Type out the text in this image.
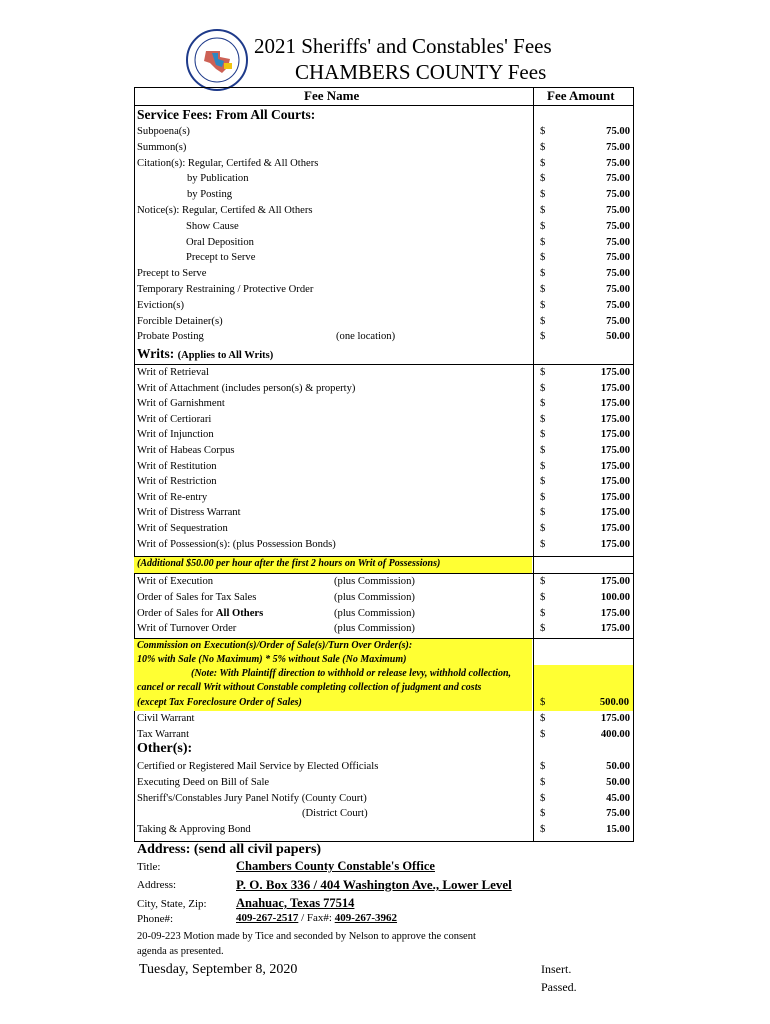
2021 Sheriffs' and Constables' Fees
CHAMBERS COUNTY Fees
Fee Name	Fee Amount
Service Fees: From All Courts:
Subpoena(s)	$	75.00
Summon(s)	$	75.00
Citation(s): Regular, Certifed & All Others	$	75.00
by Publication	$	75.00
by Posting	$	75.00
Notice(s): Regular, Certifed & All Others	$	75.00
Show Cause	$	75.00
Oral Deposition	$	75.00
Precept to Serve	$	75.00
Precept to Serve	$	75.00
Temporary Restraining / Protective Order	$	75.00
Eviction(s)	$	75.00
Forcible Detainer(s)	$	75.00
Probate Posting	(one location)	$	50.00
Writs: (Applies to All Writs)
Writ of Retrieval	$	175.00
Writ of Attachment (includes person(s) & property)	$	175.00
Writ of Garnishment	$	175.00
Writ of Certiorari	$	175.00
Writ of Injunction	$	175.00
Writ of Habeas Corpus	$	175.00
Writ of Restitution	$	175.00
Writ of Restriction	$	175.00
Writ of Re-entry	$	175.00
Writ of Distress Warrant	$	175.00
Writ of Sequestration	$	175.00
Writ of Possession(s): (plus Possession Bonds)	$	175.00
(Additional $50.00 per hour after the first 2 hours on Writ of Possessions)
Writ of Execution	(plus Commission)	$	175.00
Order of Sales for Tax Sales	(plus Commission)	$	100.00
Order of Sales for All Others	(plus Commission)	$	175.00
Writ of Turnover Order	(plus Commission)	$	175.00
Commission on Execution(s)/Order of Sale(s)/Turn Over Order(s):
10% with Sale (No Maximum) * 5% without Sale (No Maximum)
(Note: With Plaintiff direction to withhold or release levy, withhold collection,
cancel or recall Writ without Constable completing collection of judgment and costs
(except Tax Foreclosure Order of Sales)	$	500.00
Civil Warrant	$	175.00
Tax Warrant	$	400.00
Other(s):
Certified or Registered Mail Service by Elected Officials	$	50.00
Executing Deed on Bill of Sale	$	50.00
Sheriff's/Constables Jury Panel Notify (County Court)	$	45.00
(District Court)	$	75.00
Taking & Approving Bond	$	15.00
Address: (send all civil papers)
Title:	Chambers County Constable's Office
Address:	P. O. Box 336 / 404 Washington Ave., Lower Level
City, State, Zip: Anahuac, Texas 77514
Phone#:	409-267-2517 / Fax#: 409-267-3962
20-09-223 Motion made by Tice and seconded by Nelson to approve the consent
agenda as presented.
Tuesday, September 8, 2020	Insert.
Passed.
